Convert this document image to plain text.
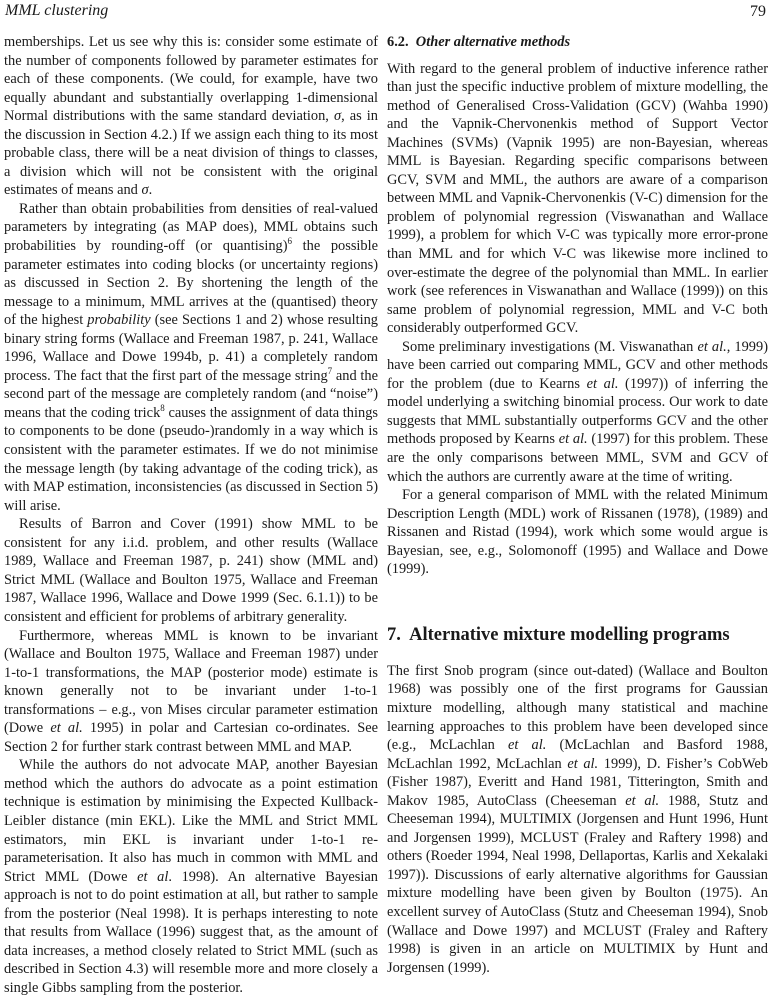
MML clustering	79

memberships. Let us see why this is: consider some estimate of the number of components followed by parameter estimates for each of these components. (We could, for example, have two equally abundant and substantially overlapping 1-dimensional Normal distributions with the same standard deviation, σ, as in the discussion in Section 4.2.) If we assign each thing to its most probable class, there will be a neat division of things to classes, a division which will not be consistent with the original estimates of means and σ.

Rather than obtain probabilities from densities of real-valued parameters by integrating (as MAP does), MML obtains such probabilities by rounding-off (or quantising)$^6$ the possible parameter estimates into coding blocks (or uncertainty regions) as discussed in Section 2. By shortening the length of the message to a minimum, MML arrives at the (quantised) theory of the highest probability (see Sections 1 and 2) whose resulting binary string forms (Wallace and Freeman 1987, p. 241, Wallace 1996, Wallace and Dowe 1994b, p. 41) a completely random process. The fact that the first part of the message string$^7$ and the second part of the message are completely random (and “noise”) means that the coding trick$^8$ causes the assignment of data things to components to be done (pseudo-)randomly in a way which is consistent with the parameter estimates. If we do not minimise the message length (by taking advantage of the coding trick), as with MAP estimation, inconsistencies (as discussed in Section 5) will arise.

Results of Barron and Cover (1991) show MML to be consistent for any i.i.d. problem, and other results (Wallace 1989, Wallace and Freeman 1987, p. 241) show (MML and) Strict MML (Wallace and Boulton 1975, Wallace and Freeman 1987, Wallace 1996, Wallace and Dowe 1999 (Sec. 6.1.1)) to be consistent and efficient for problems of arbitrary generality.

Furthermore, whereas MML is known to be invariant (Wallace and Boulton 1975, Wallace and Freeman 1987) under 1-to-1 transformations, the MAP (posterior mode) estimate is known generally not to be invariant under 1-to-1 transformations – e.g., von Mises circular parameter estimation (Dowe et al. 1995) in polar and Cartesian co-ordinates. See Section 2 for further stark contrast between MML and MAP.

While the authors do not advocate MAP, another Bayesian method which the authors do advocate as a point estimation technique is estimation by minimising the Expected Kullback-Leibler distance (min EKL). Like the MML and Strict MML estimators, min EKL is invariant under 1-to-1 re-parameterisation. It also has much in common with MML and Strict MML (Dowe et al. 1998). An alternative Bayesian approach is not to do point estimation at all, but rather to sample from the posterior (Neal 1998). It is perhaps interesting to note that results from Wallace (1996) suggest that, as the amount of data increases, a method closely related to Strict MML (such as described in Section 4.3) will resemble more and more closely a single Gibbs sampling from the posterior.

6.2. Other alternative methods

With regard to the general problem of inductive inference rather than just the specific inductive problem of mixture modelling, the method of Generalised Cross-Validation (GCV) (Wahba 1990) and the Vapnik-Chervonenkis method of Support Vector Machines (SVMs) (Vapnik 1995) are non-Bayesian, whereas MML is Bayesian. Regarding specific comparisons between GCV, SVM and MML, the authors are aware of a comparison between MML and Vapnik-Chervonenkis (V-C) dimension for the problem of polynomial regression (Viswanathan and Wallace 1999), a problem for which V-C was typically more error-prone than MML and for which V-C was likewise more inclined to over-estimate the degree of the polynomial than MML. In earlier work (see references in Viswanathan and Wallace (1999)) on this same problem of polynomial regression, MML and V-C both considerably outperformed GCV.

Some preliminary investigations (M. Viswanathan et al., 1999) have been carried out comparing MML, GCV and other methods for the problem (due to Kearns et al. (1997)) of inferring the model underlying a switching binomial process. Our work to date suggests that MML substantially outperforms GCV and the other methods proposed by Kearns et al. (1997) for this problem. These are the only comparisons between MML, SVM and GCV of which the authors are currently aware at the time of writing.

For a general comparison of MML with the related Minimum Description Length (MDL) work of Rissanen (1978), (1989) and Rissanen and Ristad (1994), work which some would argue is Bayesian, see, e.g., Solomonoff (1995) and Wallace and Dowe (1999).

7. Alternative mixture modelling programs

The first Snob program (since out-dated) (Wallace and Boulton 1968) was possibly one of the first programs for Gaussian mixture modelling, although many statistical and machine learning approaches to this problem have been developed since (e.g., McLachlan et al. (McLachlan and Basford 1988, McLachlan 1992, McLachlan et al. 1999), D. Fisher’s CobWeb (Fisher 1987), Everitt and Hand 1981, Titterington, Smith and Makov 1985, AutoClass (Cheeseman et al. 1988, Stutz and Cheeseman 1994), MULTIMIX (Jorgensen and Hunt 1996, Hunt and Jorgensen 1999), MCLUST (Fraley and Raftery 1998) and others (Roeder 1994, Neal 1998, Dellaportas, Karlis and Xekalaki 1997)). Discussions of early alternative algorithms for Gaussian mixture modelling have been given by Boulton (1975). An excellent survey of AutoClass (Stutz and Cheeseman 1994), Snob (Wallace and Dowe 1997) and MCLUST (Fraley and Raftery 1998) is given in an article on MULTIMIX by Hunt and Jorgensen (1999).
